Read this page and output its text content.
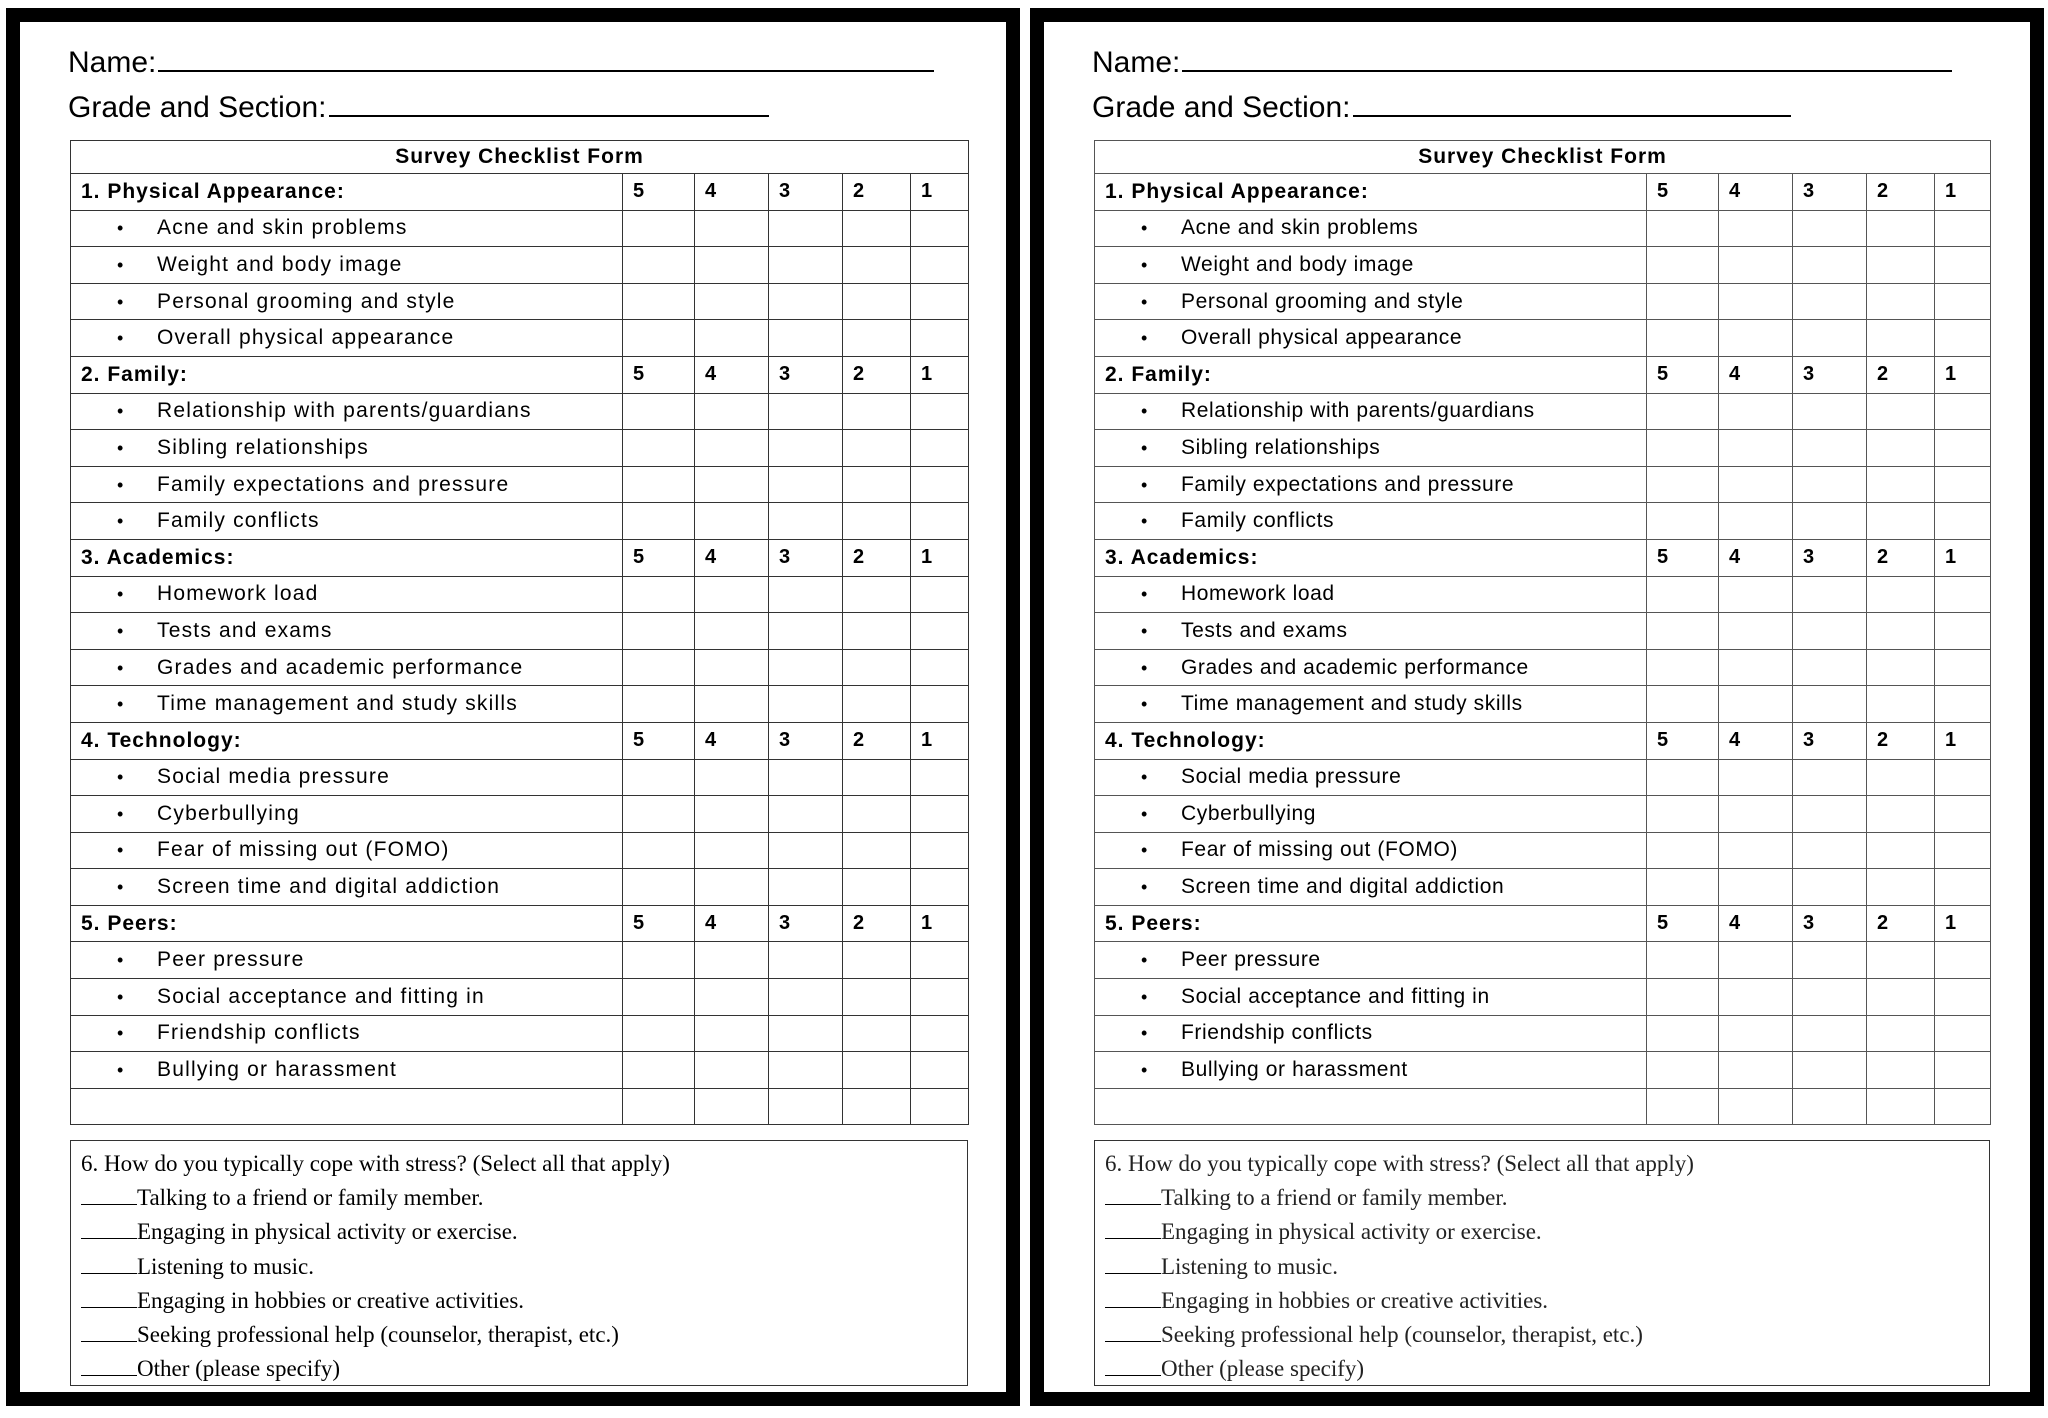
Name:
Grade and Section:
Survey Checklist Form					
1. Physical Appearance:	5	4	3	2	1
• Acne and skin problems					
• Weight and body image					
• Personal grooming and style					
• Overall physical appearance					
2. Family:	5	4	3	2	1
• Relationship with parents/guardians					
• Sibling relationships					
• Family expectations and pressure					
• Family conflicts					
3. Academics:	5	4	3	2	1
• Homework load					
• Tests and exams					
• Grades and academic performance					
• Time management and study skills					
4. Technology:	5	4	3	2	1
• Social media pressure					
• Cyberbullying					
• Fear of missing out (FOMO)					
• Screen time and digital addiction					
5. Peers:	5	4	3	2	1
• Peer pressure					
• Social acceptance and fitting in					
• Friendship conflicts					
• Bullying or harassment					

6. How do you typically cope with stress? (Select all that apply)
Talking to a friend or family member.
Engaging in physical activity or exercise.
Listening to music.
Engaging in hobbies or creative activities.
Seeking professional help (counselor, therapist, etc.)
Other (please specify)
Name:
Grade and Section:
Survey Checklist Form					
1. Physical Appearance:	5	4	3	2	1
• Acne and skin problems					
• Weight and body image					
• Personal grooming and style					
• Overall physical appearance					
2. Family:	5	4	3	2	1
• Relationship with parents/guardians					
• Sibling relationships					
• Family expectations and pressure					
• Family conflicts					
3. Academics:	5	4	3	2	1
• Homework load					
• Tests and exams					
• Grades and academic performance					
• Time management and study skills					
4. Technology:	5	4	3	2	1
• Social media pressure					
• Cyberbullying					
• Fear of missing out (FOMO)					
• Screen time and digital addiction					
5. Peers:	5	4	3	2	1
• Peer pressure					
• Social acceptance and fitting in					
• Friendship conflicts					
• Bullying or harassment					

6. How do you typically cope with stress? (Select all that apply)
Talking to a friend or family member.
Engaging in physical activity or exercise.
Listening to music.
Engaging in hobbies or creative activities.
Seeking professional help (counselor, therapist, etc.)
Other (please specify)
